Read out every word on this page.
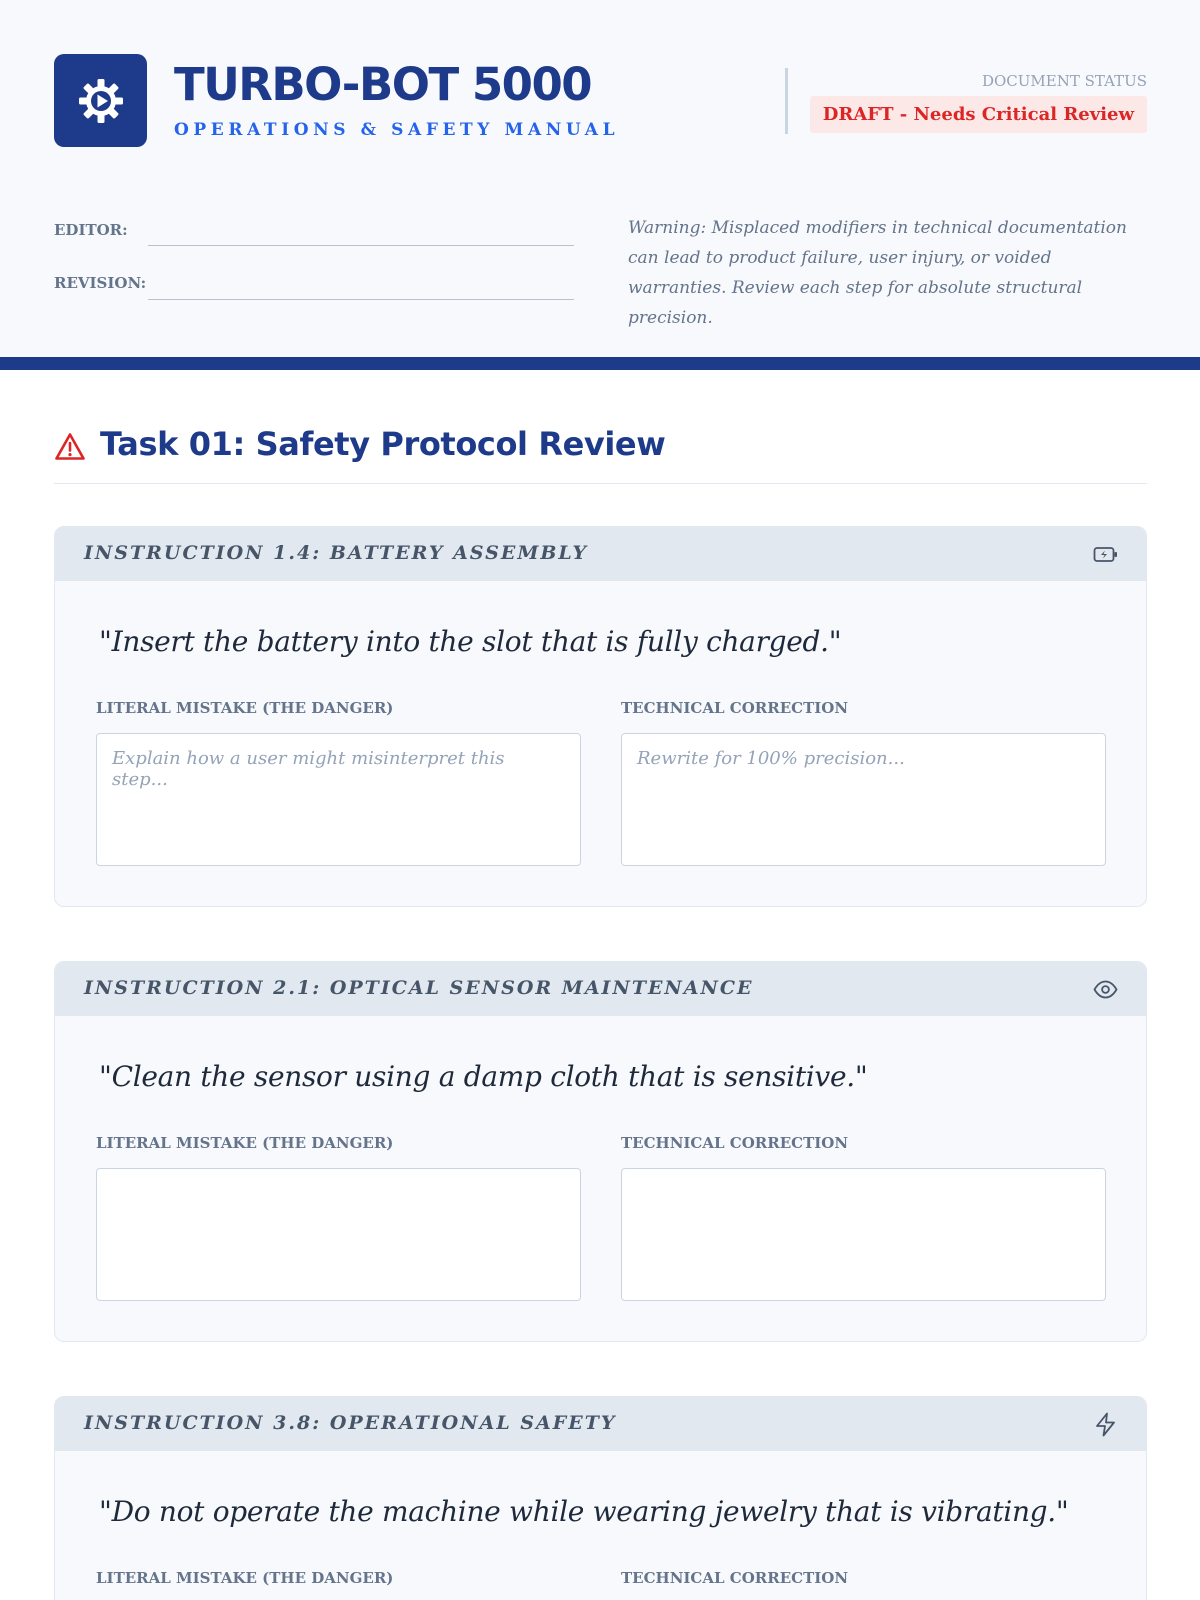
TURBO-BOT 5000
OPERATIONS & SAFETY MANUAL
DOCUMENT STATUS
DRAFT - Needs Critical Review
EDITOR:
REVISION:

Warning: Misplaced modifiers in technical documentation can lead to product failure, user injury, or voided warranties. Review each step for absolute structural precision.

Task 01: Safety Protocol Review
INSTRUCTION 1.4: BATTERY ASSEMBLY
"Insert the battery into the slot that is fully charged."
LITERAL MISTAKE (THE DANGER)	TECHNICAL CORRECTION
Explain how a user might misinterpret this step...
Rewrite for 100% precision...
INSTRUCTION 2.1: OPTICAL SENSOR MAINTENANCE
"Clean the sensor using a damp cloth that is sensitive."
LITERAL MISTAKE (THE DANGER)	TECHNICAL CORRECTION
INSTRUCTION 3.8: OPERATIONAL SAFETY
"Do not operate the machine while wearing jewelry that is vibrating."
LITERAL MISTAKE (THE DANGER)	TECHNICAL CORRECTION
